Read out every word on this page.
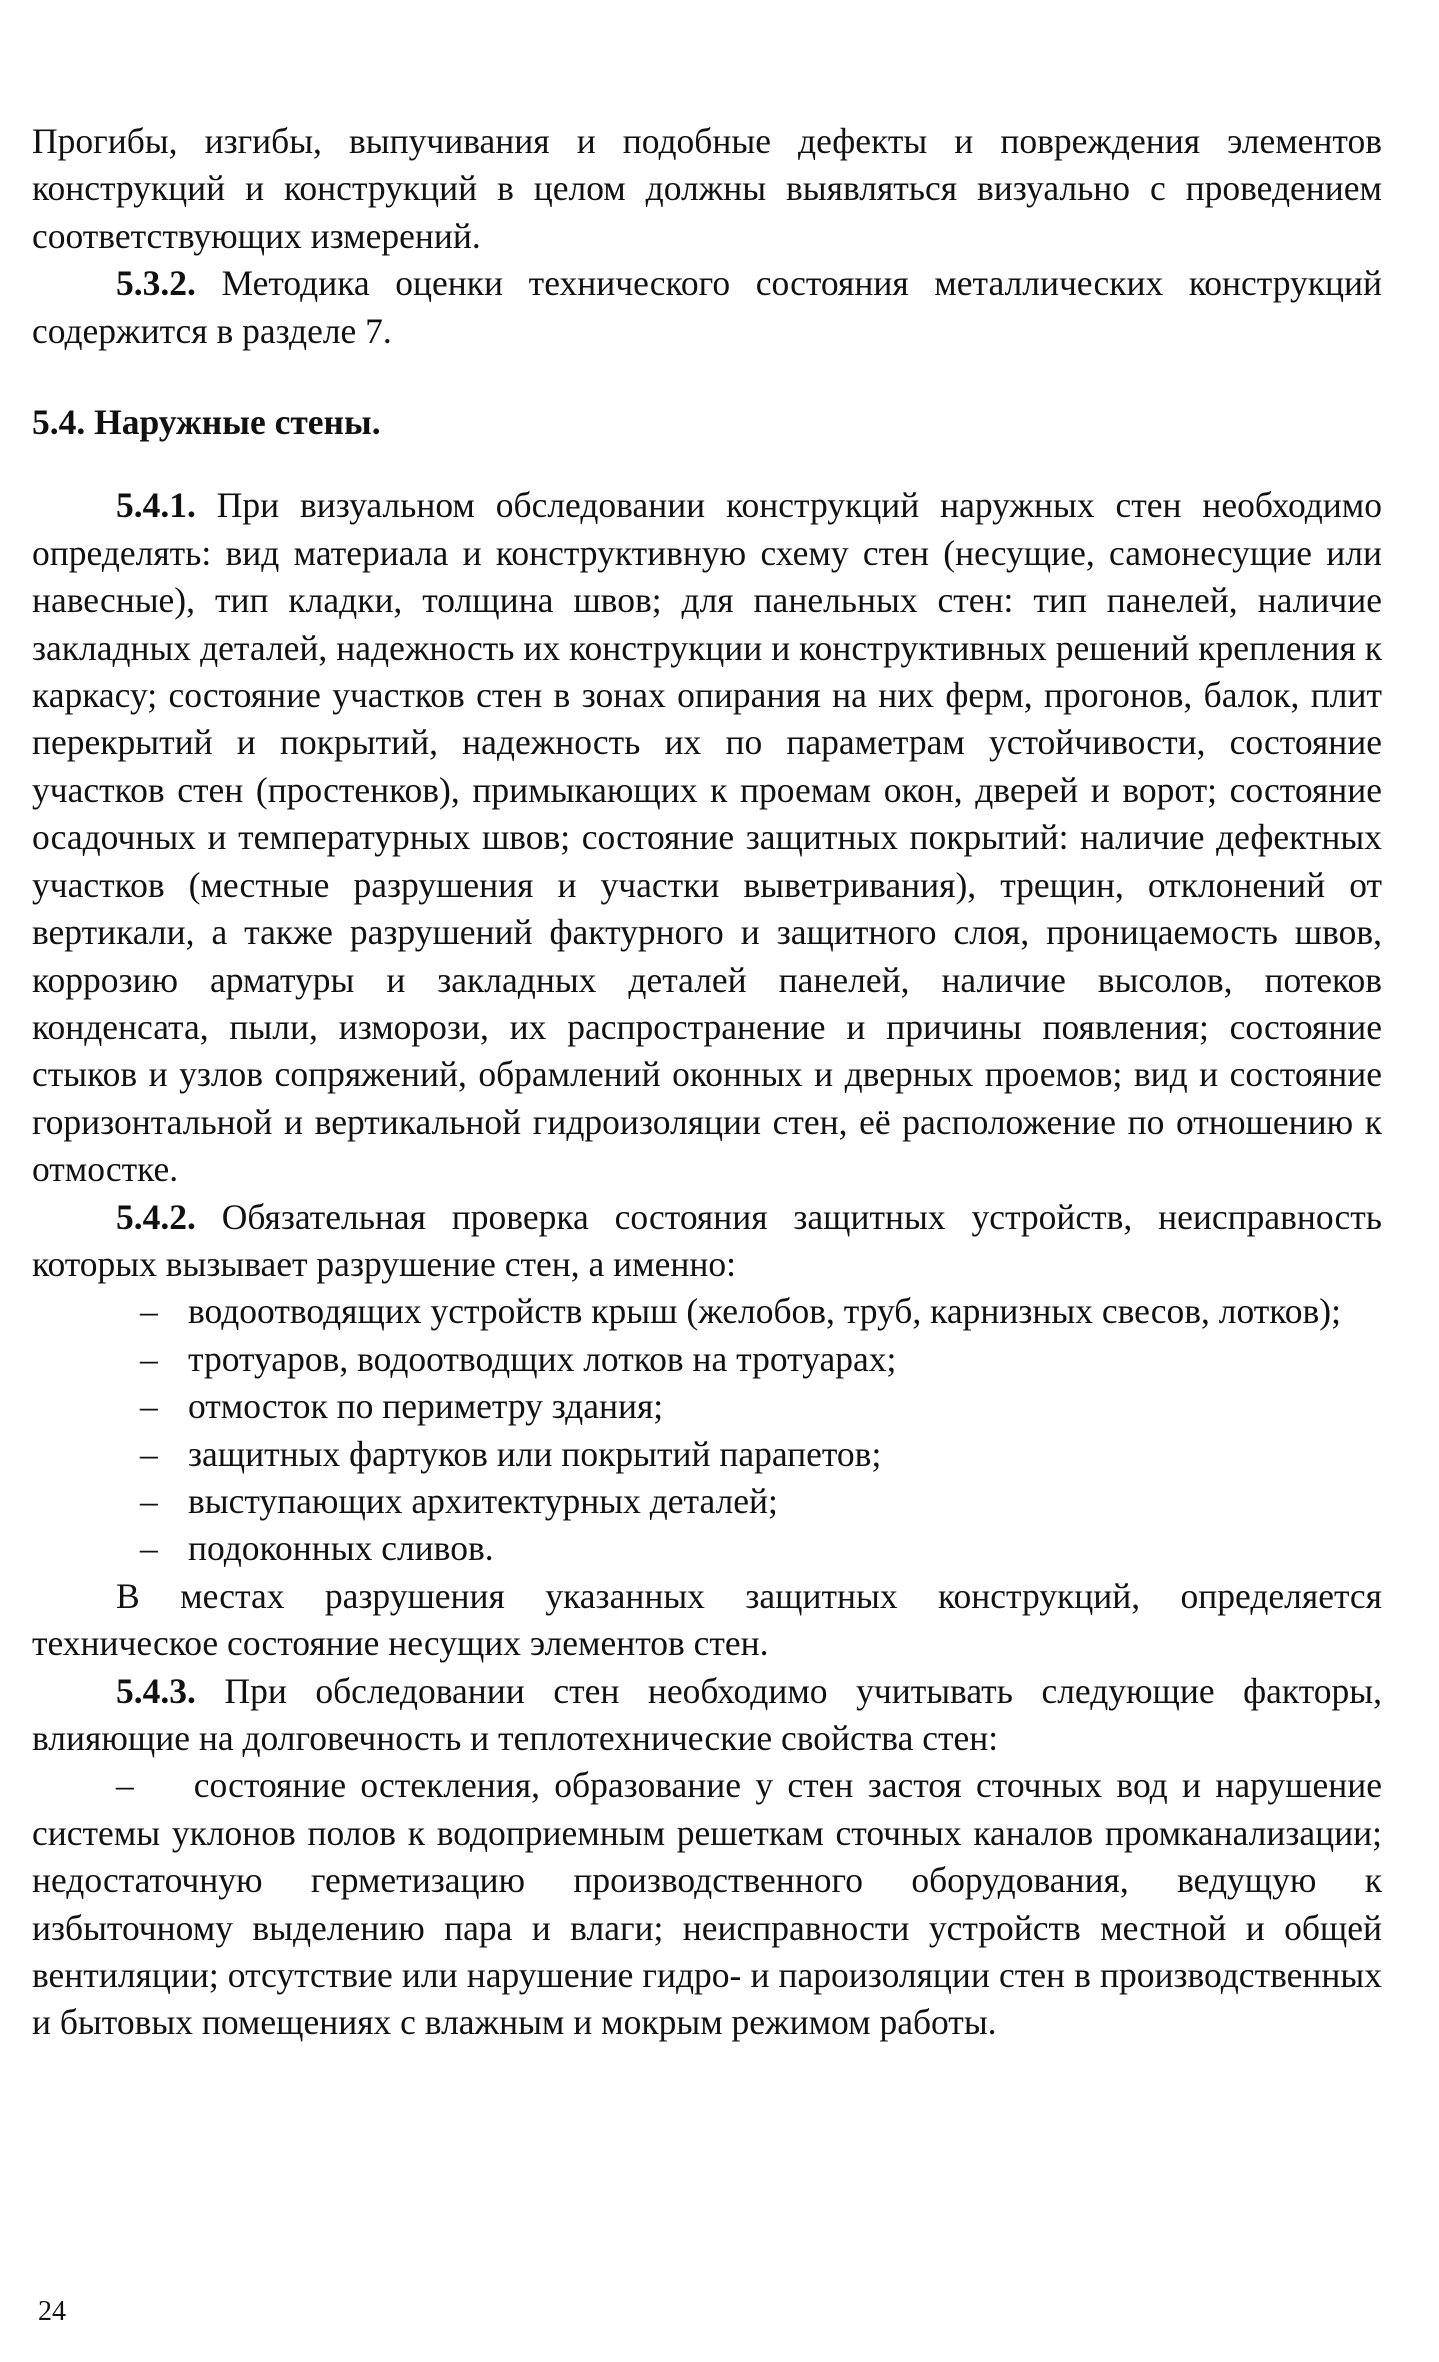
Прогибы, изгибы, выпучивания и подобные дефекты и повреждения элементов конструкций и конструкций в целом должны выявляться визуально с проведением соответствующих измерений.

5.3.2. Методика оценки технического состояния металлических конструкций содержится в разделе 7.

5.4. Наружные стены.

5.4.1. При визуальном обследовании конструкций наружных стен необходимо определять: вид материала и конструктивную схему стен (несущие, самонесущие или навесные), тип кладки, толщина швов; для панельных стен: тип панелей, наличие закладных деталей, надежность их конструкции и конструктивных решений крепления к каркасу; состояние участков стен в зонах опирания на них ферм, прогонов, балок, плит перекрытий и покрытий, надежность их по параметрам устойчивости, состояние участков стен (простенков), примыкающих к проемам окон, дверей и ворот; состояние осадочных и температурных швов; состояние защитных покрытий: наличие дефектных участков (местные разрушения и участки выветривания), трещин, отклонений от вертикали, а также разрушений фактурного и защитного слоя, проницаемость швов, коррозию арматуры и закладных деталей панелей, наличие высолов, потеков конденсата, пыли, изморози, их распространение и причины появления; состояние стыков и узлов сопряжений, обрамлений оконных и дверных проемов; вид и состояние горизонтальной и вертикальной гидроизоляции стен, её расположение по отношению к отмостке.

5.4.2. Обязательная проверка состояния защитных устройств, неисправность которых вызывает разрушение стен, а именно:

– водоотводящих устройств крыш (желобов, труб, карнизных свесов, лотков);
– тротуаров, водоотводщих лотков на тротуарах;
– отмосток по периметру здания;
– защитных фартуков или покрытий парапетов;
– выступающих архитектурных деталей;
– подоконных сливов.

В местах разрушения указанных защитных конструкций, определяется техническое состояние несущих элементов стен.

5.4.3. При обследовании стен необходимо учитывать следующие факторы, влияющие на долговечность и теплотехнические свойства стен:

– состояние остекления, образование у стен застоя сточных вод и нарушение системы уклонов полов к водоприемным решеткам сточных каналов промканализации; недостаточную герметизацию производственного оборудования, ведущую к избыточному выделению пара и влаги; неисправности устройств местной и общей вентиляции; отсутствие или нарушение гидро- и пароизоляции стен в производственных и бытовых помещениях с влажным и мокрым режимом работы.

24
